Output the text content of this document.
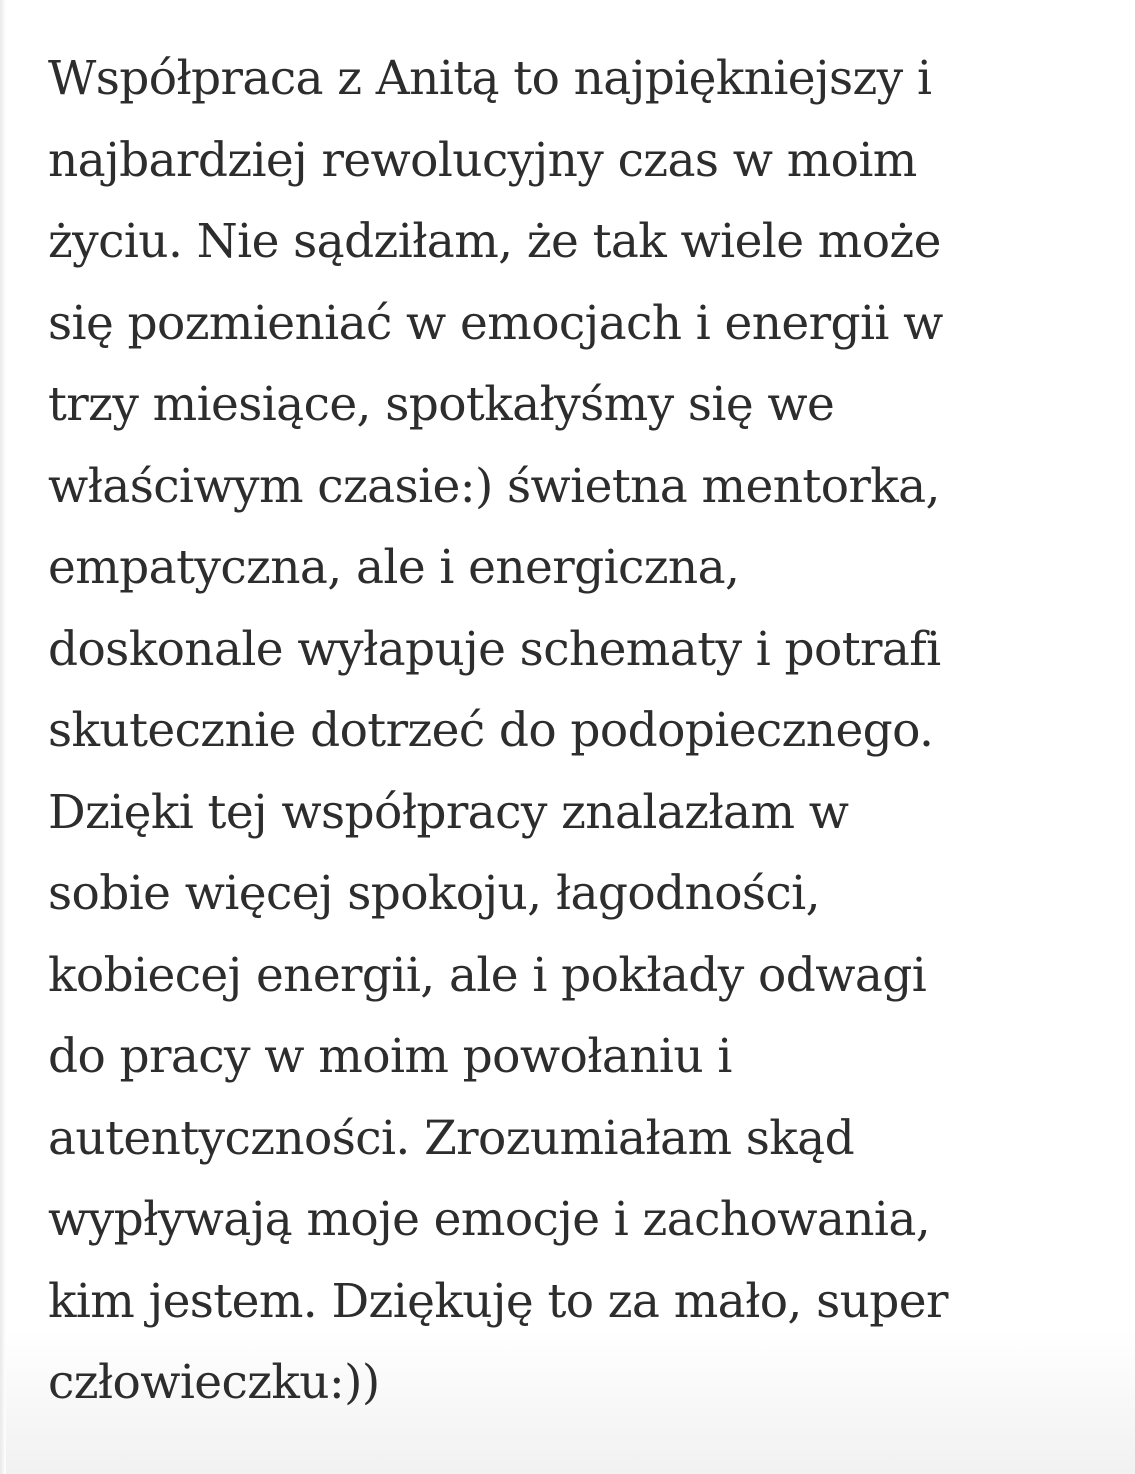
Współpraca z Anitą to najpiękniejszy i
najbardziej rewolucyjny czas w moim
życiu. Nie sądziłam, że tak wiele może
się pozmieniać w emocjach i energii w
trzy miesiące, spotkałyśmy się we
właściwym czasie:) świetna mentorka,
empatyczna, ale i energiczna,
doskonale wyłapuje schematy i potrafi
skutecznie dotrzeć do podopiecznego.
Dzięki tej współpracy znalazłam w
sobie więcej spokoju, łagodności,
kobiecej energii, ale i pokłady odwagi
do pracy w moim powołaniu i
autentyczności. Zrozumiałam skąd
wypływają moje emocje i zachowania,
kim jestem. Dziękuję to za mało, super
człowieczku:))
